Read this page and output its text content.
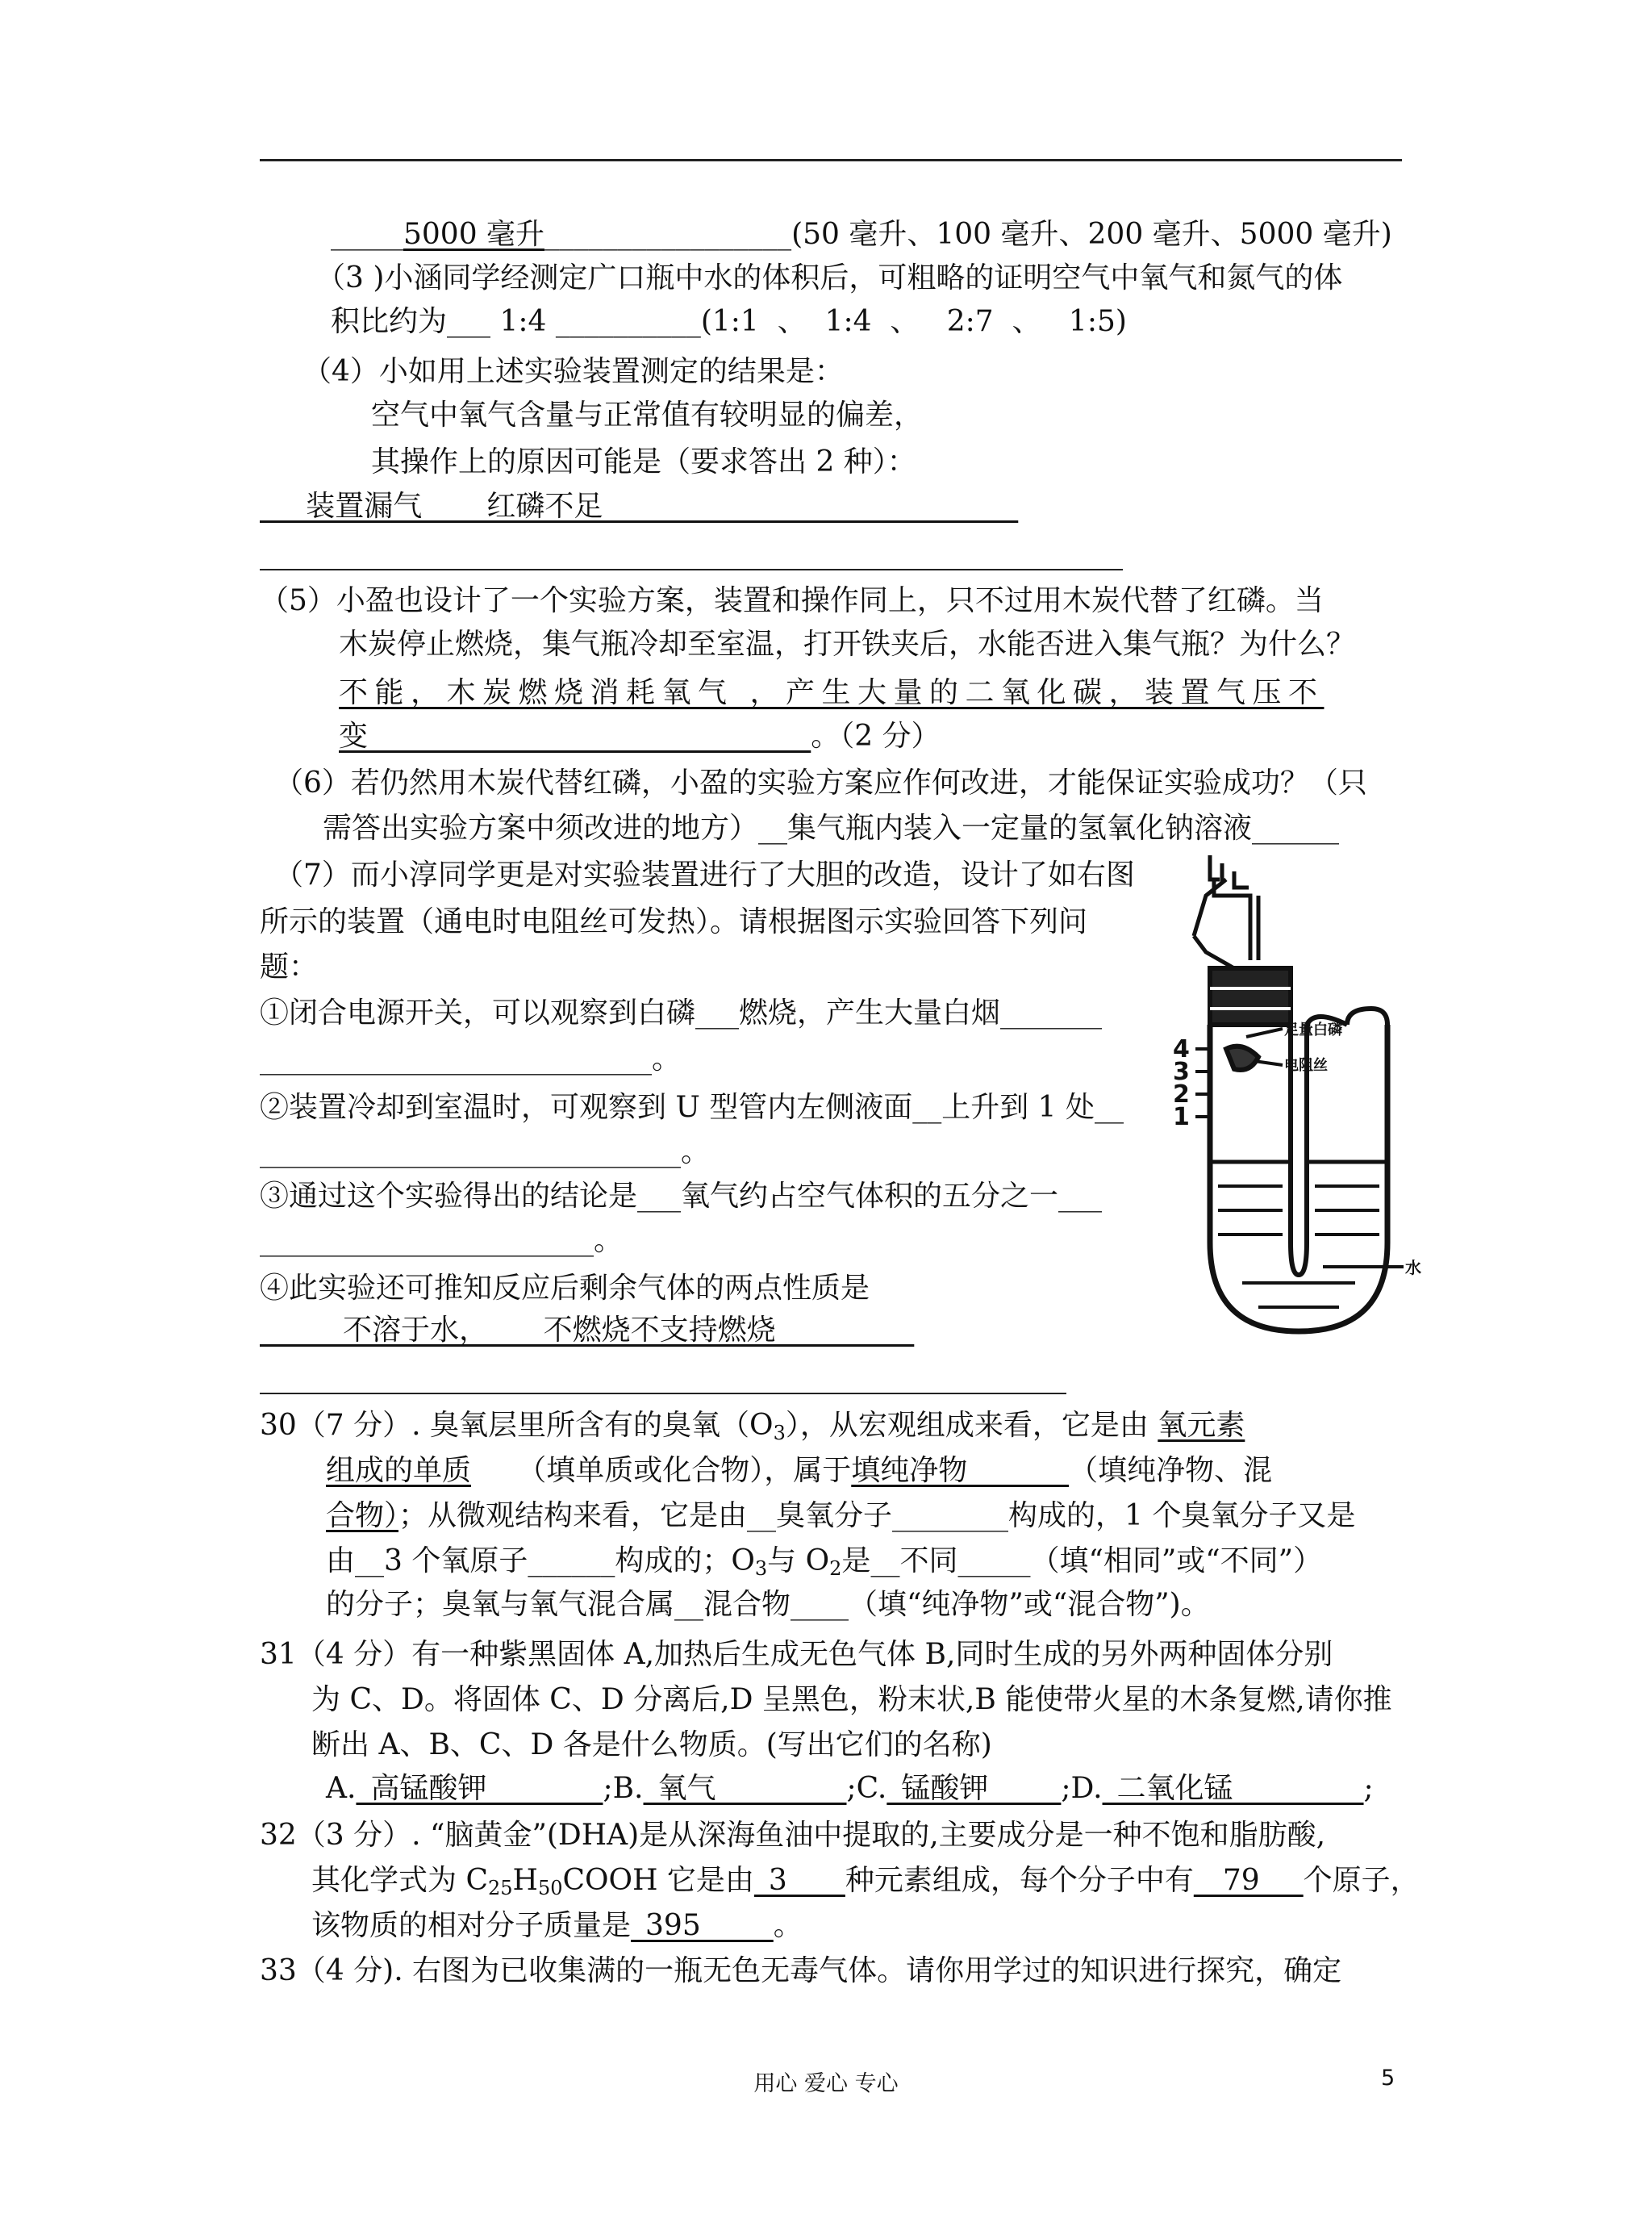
_____5000 毫升_________________(50 毫升、100 毫升、200 毫升、5000 毫升)
（3 )小涵同学经测定广口瓶中水的体积后，可粗略的证明空气中氧气和氮气的体
积比约为___ 1:4 __________(1:1  、  1:4  、   2:7  、   1:5)
（4）小如用上述实验装置测定的结果是：
空气中氧气含量与正常值有较明显的偏差，
其操作上的原因可能是（要求答出 2 种）：
装置漏气       红磷不足
（5）小盈也设计了一个实验方案，装置和操作同上，只不过用木炭代替了红磷。当
木炭停止燃烧，集气瓶冷却至室温，打开铁夹后，水能否进入集气瓶？为什么？
不能，木炭燃烧消耗氧气 ，产生大量的二氧化碳，装置气压不
变                                                。（2 分）
（6）若仍然用木炭代替红磷，小盈的实验方案应作何改进，才能保证实验成功？（只
需答出实验方案中须改进的地方）__集气瓶内装入一定量的氢氧化钠溶液______
（7）而小淳同学更是对实验装置进行了大胆的改造，设计了如右图
所示的装置（通电时电阻丝可发热）。请根据图示实验回答下列问
题：
①闭合电源开关，可以观察到白磷___燃烧，产生大量白烟_______
___________________________。
②装置冷却到室温时，可观察到 U 型管内左侧液面__上升到 1 处__
_____________________________。
③通过这个实验得出的结论是___氧气约占空气体积的五分之一___
_______________________。
④此实验还可推知反应后剩余气体的两点性质是
不溶于水，      不燃烧不支持燃烧
4
3
2
1
足量白磷
电阻丝
水
30（7 分）. 臭氧层里所含有的臭氧$(O_3)$，从宏观组成来看，它是由 氧元素
组成的单质     （填单质或化合物），属于填纯净物           （填纯净物、混
合物）；从微观结构来看，它是由__臭氧分子________构成的，1 个臭氧分子又是
由__3 个氧原子______构成的；$O_3$与 $O_2$是__不同_____（填“相同”或“不同”）
的分子；臭氧与氧气混合属__混合物____（填“纯净物”或“混合物”)。
31（4 分）有一种紫黑固体 A,加热后生成无色气体 B,同时生成的另外两种固体分别
为 C、D。将固体 C、D 分离后,D 呈黑色，粉末状,B 能使带火星的木条复燃,请你推
断出 A、B、C、D 各是什么物质。(写出它们的名称)
A._高锰酸钾________;B._氧气_________;C._锰酸钾_____;D._二氧化锰_________;
32（3 分）. “脑黄金”(DHA)是从深海鱼油中提取的,主要成分是一种不饱和脂肪酸,
其化学式为 $C_{25}H_{50}COOH$ 它是由_3____种元素组成，每个分子中有__79___个原子，
该物质的相对分子质量是_395_____。
33（4 分). 右图为已收集满的一瓶无色无毒气体。请你用学过的知识进行探究，确定
用心 爱心 专心	5
